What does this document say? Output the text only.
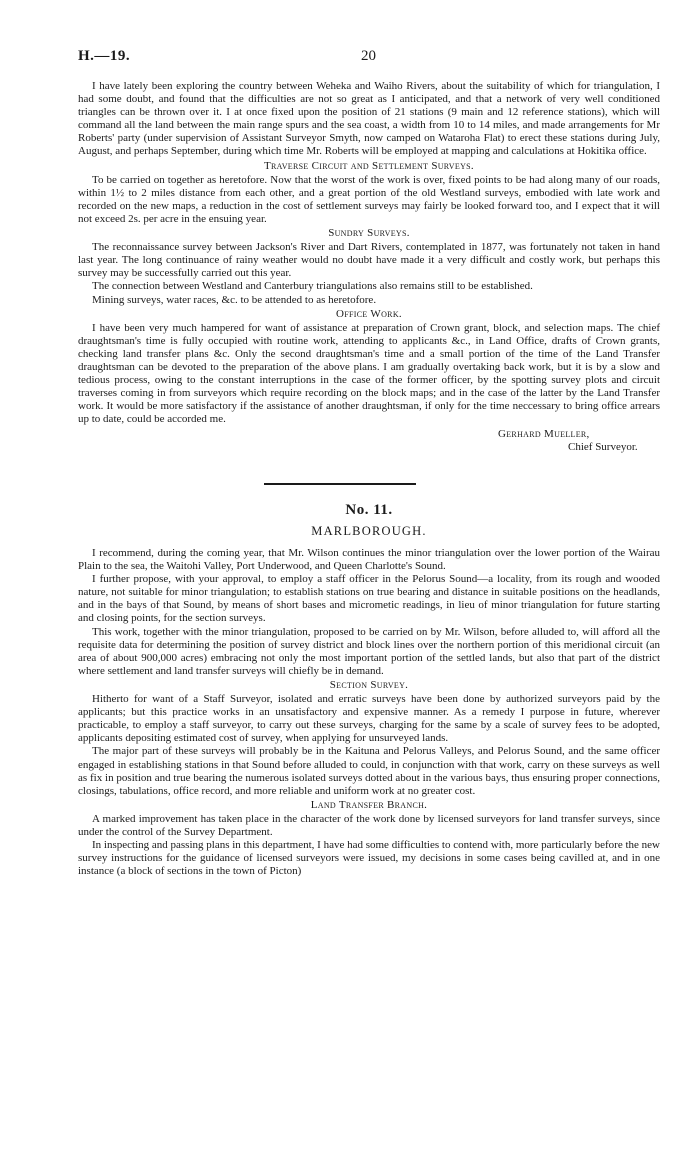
H.—19.	20

I have lately been exploring the country between Weheka and Waiho Rivers, about the suitability of which for triangulation, I had some doubt, and found that the difficulties are not so great as I anticipated, and that a network of very well conditioned triangles can be thrown over it. I at once fixed upon the position of 21 stations (9 main and 12 reference stations), which will command all the land between the main range spurs and the sea coast, a width from 10 to 14 miles, and made arrangements for Mr Roberts' party (under supervision of Assistant Surveyor Smyth, now camped on Wataroha Flat) to erect these stations during July, August, and perhaps September, during which time Mr. Roberts will be employed at mapping and calculations at Hokitika office.

Traverse Circuit and Settlement Surveys.

To be carried on together as heretofore. Now that the worst of the work is over, fixed points to be had along many of our roads, within 1½ to 2 miles distance from each other, and a great portion of the old Westland surveys, embodied with late work and recorded on the new maps, a reduction in the cost of settlement surveys may fairly be looked forward too, and I expect that it will not exceed 2s. per acre in the ensuing year.

Sundry Surveys.

The reconnaissance survey between Jackson's River and Dart Rivers, contemplated in 1877, was fortunately not taken in hand last year. The long continuance of rainy weather would no doubt have made it a very difficult and costly work, but perhaps this survey may be successfully carried out this year.

The connection between Westland and Canterbury triangulations also remains still to be established.

Mining surveys, water races, &c. to be attended to as heretofore.

Office Work.

I have been very much hampered for want of assistance at preparation of Crown grant, block, and selection maps. The chief draughtsman's time is fully occupied with routine work, attending to applicants &c., in Land Office, drafts of Crown grants, checking land transfer plans &c. Only the second draughtsman's time and a small portion of the time of the Land Transfer draughtsman can be devoted to the preparation of the above plans. I am gradually overtaking back work, but it is by a slow and tedious process, owing to the constant interruptions in the case of the former officer, by the spotting survey plots and circuit traverses coming in from surveyors which require recording on the block maps; and in the case of the latter by the Land Transfer work. It would be more satisfactory if the assistance of another draughtsman, if only for the time neccessary to bring office arrears up to date, could be accorded me.

Gerhard Mueller,
Chief Surveyor.
No. 11.
MARLBOROUGH.

I recommend, during the coming year, that Mr. Wilson continues the minor triangulation over the lower portion of the Wairau Plain to the sea, the Waitohi Valley, Port Underwood, and Queen Charlotte's Sound.

I further propose, with your approval, to employ a staff officer in the Pelorus Sound—a locality, from its rough and wooded nature, not suitable for minor triangulation; to establish stations on true bearing and distance in suitable positions on the headlands, and in the bays of that Sound, by means of short bases and micrometic readings, in lieu of minor triangulation for future starting and closing points, for the section surveys.

This work, together with the minor triangulation, proposed to be carried on by Mr. Wilson, before alluded to, will afford all the requisite data for determining the position of survey district and block lines over the northern portion of this meridional circuit (an area of about 900,000 acres) embracing not only the most important portion of the settled lands, but also that part of the district where settlement and land transfer surveys will chiefly be in demand.

Section Survey.

Hitherto for want of a Staff Surveyor, isolated and erratic surveys have been done by authorized surveyors paid by the applicants; but this practice works in an unsatisfactory and expensive manner. As a remedy I purpose in future, wherever practicable, to employ a staff surveyor, to carry out these surveys, charging for the same by a scale of survey fees to be adopted, applicants depositing estimated cost of survey, when applying for unsurveyed lands.

The major part of these surveys will probably be in the Kaituna and Pelorus Valleys, and Pelorus Sound, and the same officer engaged in establishing stations in that Sound before alluded to could, in conjunction with that work, carry on these surveys as well as fix in position and true bearing the numerous isolated surveys dotted about in the various bays, thus ensuring proper connections, closings, tabulations, office record, and more reliable and uniform work at no greater cost.

Land Transfer Branch.

A marked improvement has taken place in the character of the work done by licensed surveyors for land transfer surveys, since under the control of the Survey Department.

In inspecting and passing plans in this department, I have had some difficulties to contend with, more particularly before the new survey instructions for the guidance of licensed surveyors were issued, my decisions in some cases being cavilled at, and in one instance (a block of sections in the town of Picton)
